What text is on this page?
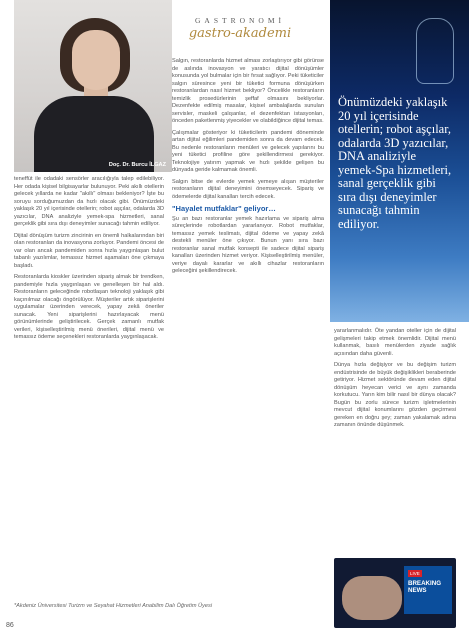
Doç. Dr. Burcu İLGAZ
GASTRONOMİ
gastro-akademi
Önümüzdeki yaklaşık 20 yıl içerisinde otellerin; robot aşçılar, odalarda 3D yazıcılar, DNA analiziyle yemek-Spa hizmetleri, sanal gerçeklik gibi sıra dışı deneyimler sunacağı tahmin ediliyor.

teneffüt ile odadaki sensörler aracılığıyla talep edilebiliyor. Her odada kişisel bilgisayarlar bulunuyor. Peki akıllı otellerin gelecek yıllarda ne kadar "akıllı" olması bekleniyor? İşte bu soruyu sorduğumuzdan da hızlı olacak gibi. Önümüzdeki yaklaşık 20 yıl içerisinde otellerin; robot aşçılar, odalarda 3D yazıcılar, DNA analiziyle yemek-spa hizmetleri, sanal gerçeklik gibi sıra dışı deneyimler sunacağı tahmin ediliyor.

Dijital dönüşüm turizm zincirinin en önemli halkalarından biri olan restoranları da inovasyona zorluyor. Pandemi öncesi de var olan ancak pandemiden sonra hızla yaygınlaşan bulut tabanlı yazılımlar, temassız hizmet aşamaları öne çıkmaya başladı.

Restoranlarda kioskler üzerinden sipariş almak bir trendken, pandemiyle hızla yaygınlaşan ve genelleşen bir hal aldı. Restoranların geleceğinde robotlaşan teknoloji yaklaşık gibi kaçınılmaz olacağı öngörülüyor. Müşteriler artık siparişlerini uygulamalar üzerinden verecek, yapay zekâ öneriler sunacak. Yeni siparişlerini hazırlayacak menü görünümlerinde geliştirilecek. Gerçek zamanlı mutfak verileri, kişiselleştirilmiş menü önerileri, dijital menü ve temassız ödeme seçenekleri restoranlarda yaygınlaşacak.

Salgın, restoranlarda hizmet alması zorlaştırıyor gibi görünse de aslında inovasyon ve yaratıcı dijital dönüşümler konusunda yol bulmalar için bir fırsat sağlıyor. Peki tüketiciler salgın süresince yeni bir tüketici formuna dönüşürken restoranlardan nasıl hizmet bekliyor? Öncelikle restoranların temizlik prosedürlerinin şeffaf olmasını bekliyorlar. Dezenfekte edilmiş masalar, kişisel ambalajlarda sunulan servisler, maskeli çalışanlar, el dezenfektan istasyonları, önceden paketlenmiş yiyecekler ve olabildiğince dijital temas.

Çalışmalar gösteriyor ki tüketicilerin pandemi döneminde artan dijital eğilimleri pandemiden sonra da devam edecek. Bu nedenle restoranların menüleri ve gelecek yapılarını bu yeni tüketici profiline göre şekillendirmesi gerekiyor. Teknolojiye yatırım yapmak ve hızlı şekilde gelişen bu dünyada geride kalmamak önemli.

Salgın bitse de evlerde yemek yemeye alışan müşteriler restoranların dijital deneyimini önemseyecek. Sipariş ve ödemelerde dijital kanalları tercih edecek.

"Hayalet mutfaklar" geliyor…

Şu an bazı restoranlar yemek hazırlama ve sipariş alma süreçlerinde robotlardan yararlanıyor. Robot mutfaklar, temassız yemek teslimatı, dijital ödeme ve yapay zekâ destekli menüler öne çıkıyor. Bunun yanı sıra bazı restoranlar sanal mutfak konsepti ile sadece dijital sipariş kanalları üzerinden hizmet veriyor. Kişiselleştirilmiş menüler, veriye dayalı kararlar ve akıllı cihazlar restoranların geleceğini şekillendirecek.

yararlanmalıdır. Öte yandan oteller için de dijital gelişmeleri takip etmek önemlidir. Dijital menü kullanmak, basılı menülerden ziyade sağlık açısından daha güvenli.

Dünya hızla değişiyor ve bu değişim turizm endüstrisinde de büyük değişiklikleri beraberinde getiriyor. Hizmet sektöründe devam eden dijital dönüşüm heyecan verici ve aynı zamanda korkutucu. Yarın kim bilir nasıl bir dünya olacak? Bugün bu zorlu sürece turizm işletmelerinin mevcut dijital konumlarını gözden geçirmesi gereken en doğru şey; zaman yakalamak adına zamanın önünde düşünmek.

LIVE
BREAKING NEWS
*Akdeniz Üniversitesi Turizm ve Seyahat Hizmetleri Anabilim Dalı Öğretim Üyesi
86
